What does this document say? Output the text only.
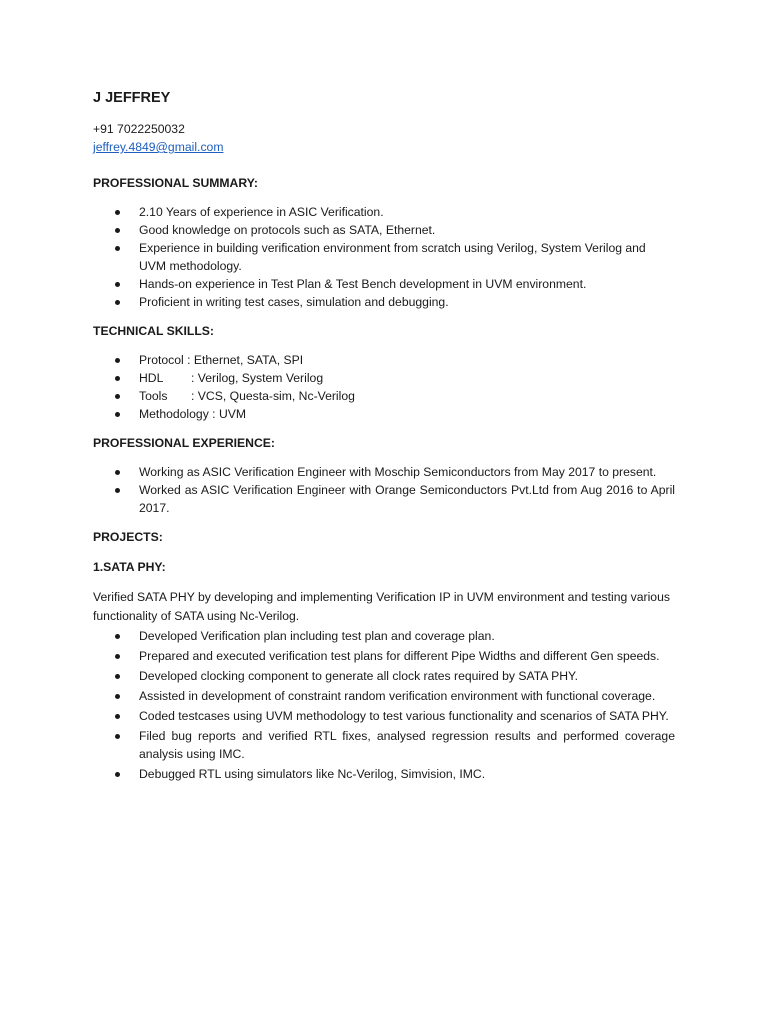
J JEFFREY

+91 7022250032

jeffrey.4849@gmail.com

PROFESSIONAL SUMMARY:

2.10 Years of experience in ASIC Verification.
Good knowledge on protocols such as SATA, Ethernet.
Experience in building verification environment from scratch using Verilog, System Verilog and UVM methodology.
Hands-on experience in Test Plan & Test Bench development in UVM environment.
Proficient in writing test cases, simulation and debugging.

TECHNICAL SKILLS:

Protocol : Ethernet, SATA, SPI
HDL : Verilog, System Verilog
Tools : VCS, Questa-sim, Nc-Verilog
Methodology : UVM

PROFESSIONAL EXPERIENCE:

Working as ASIC Verification Engineer with Moschip Semiconductors from May 2017 to present.
Worked as ASIC Verification Engineer with Orange Semiconductors Pvt.Ltd from Aug 2016 to April 2017.

PROJECTS:

1.SATA PHY:

Verified SATA PHY by developing and implementing Verification IP in UVM environment and testing various functionality of SATA using Nc-Verilog.

Developed Verification plan including test plan and coverage plan.
Prepared and executed verification test plans for different Pipe Widths and different Gen speeds.
Developed clocking component to generate all clock rates required by SATA PHY.
Assisted in development of constraint random verification environment with functional coverage.
Coded testcases using UVM methodology to test various functionality and scenarios of SATA PHY.
Filed bug reports and verified RTL fixes, analysed regression results and performed coverage analysis using IMC.
Debugged RTL using simulators like Nc-Verilog, Simvision, IMC.
